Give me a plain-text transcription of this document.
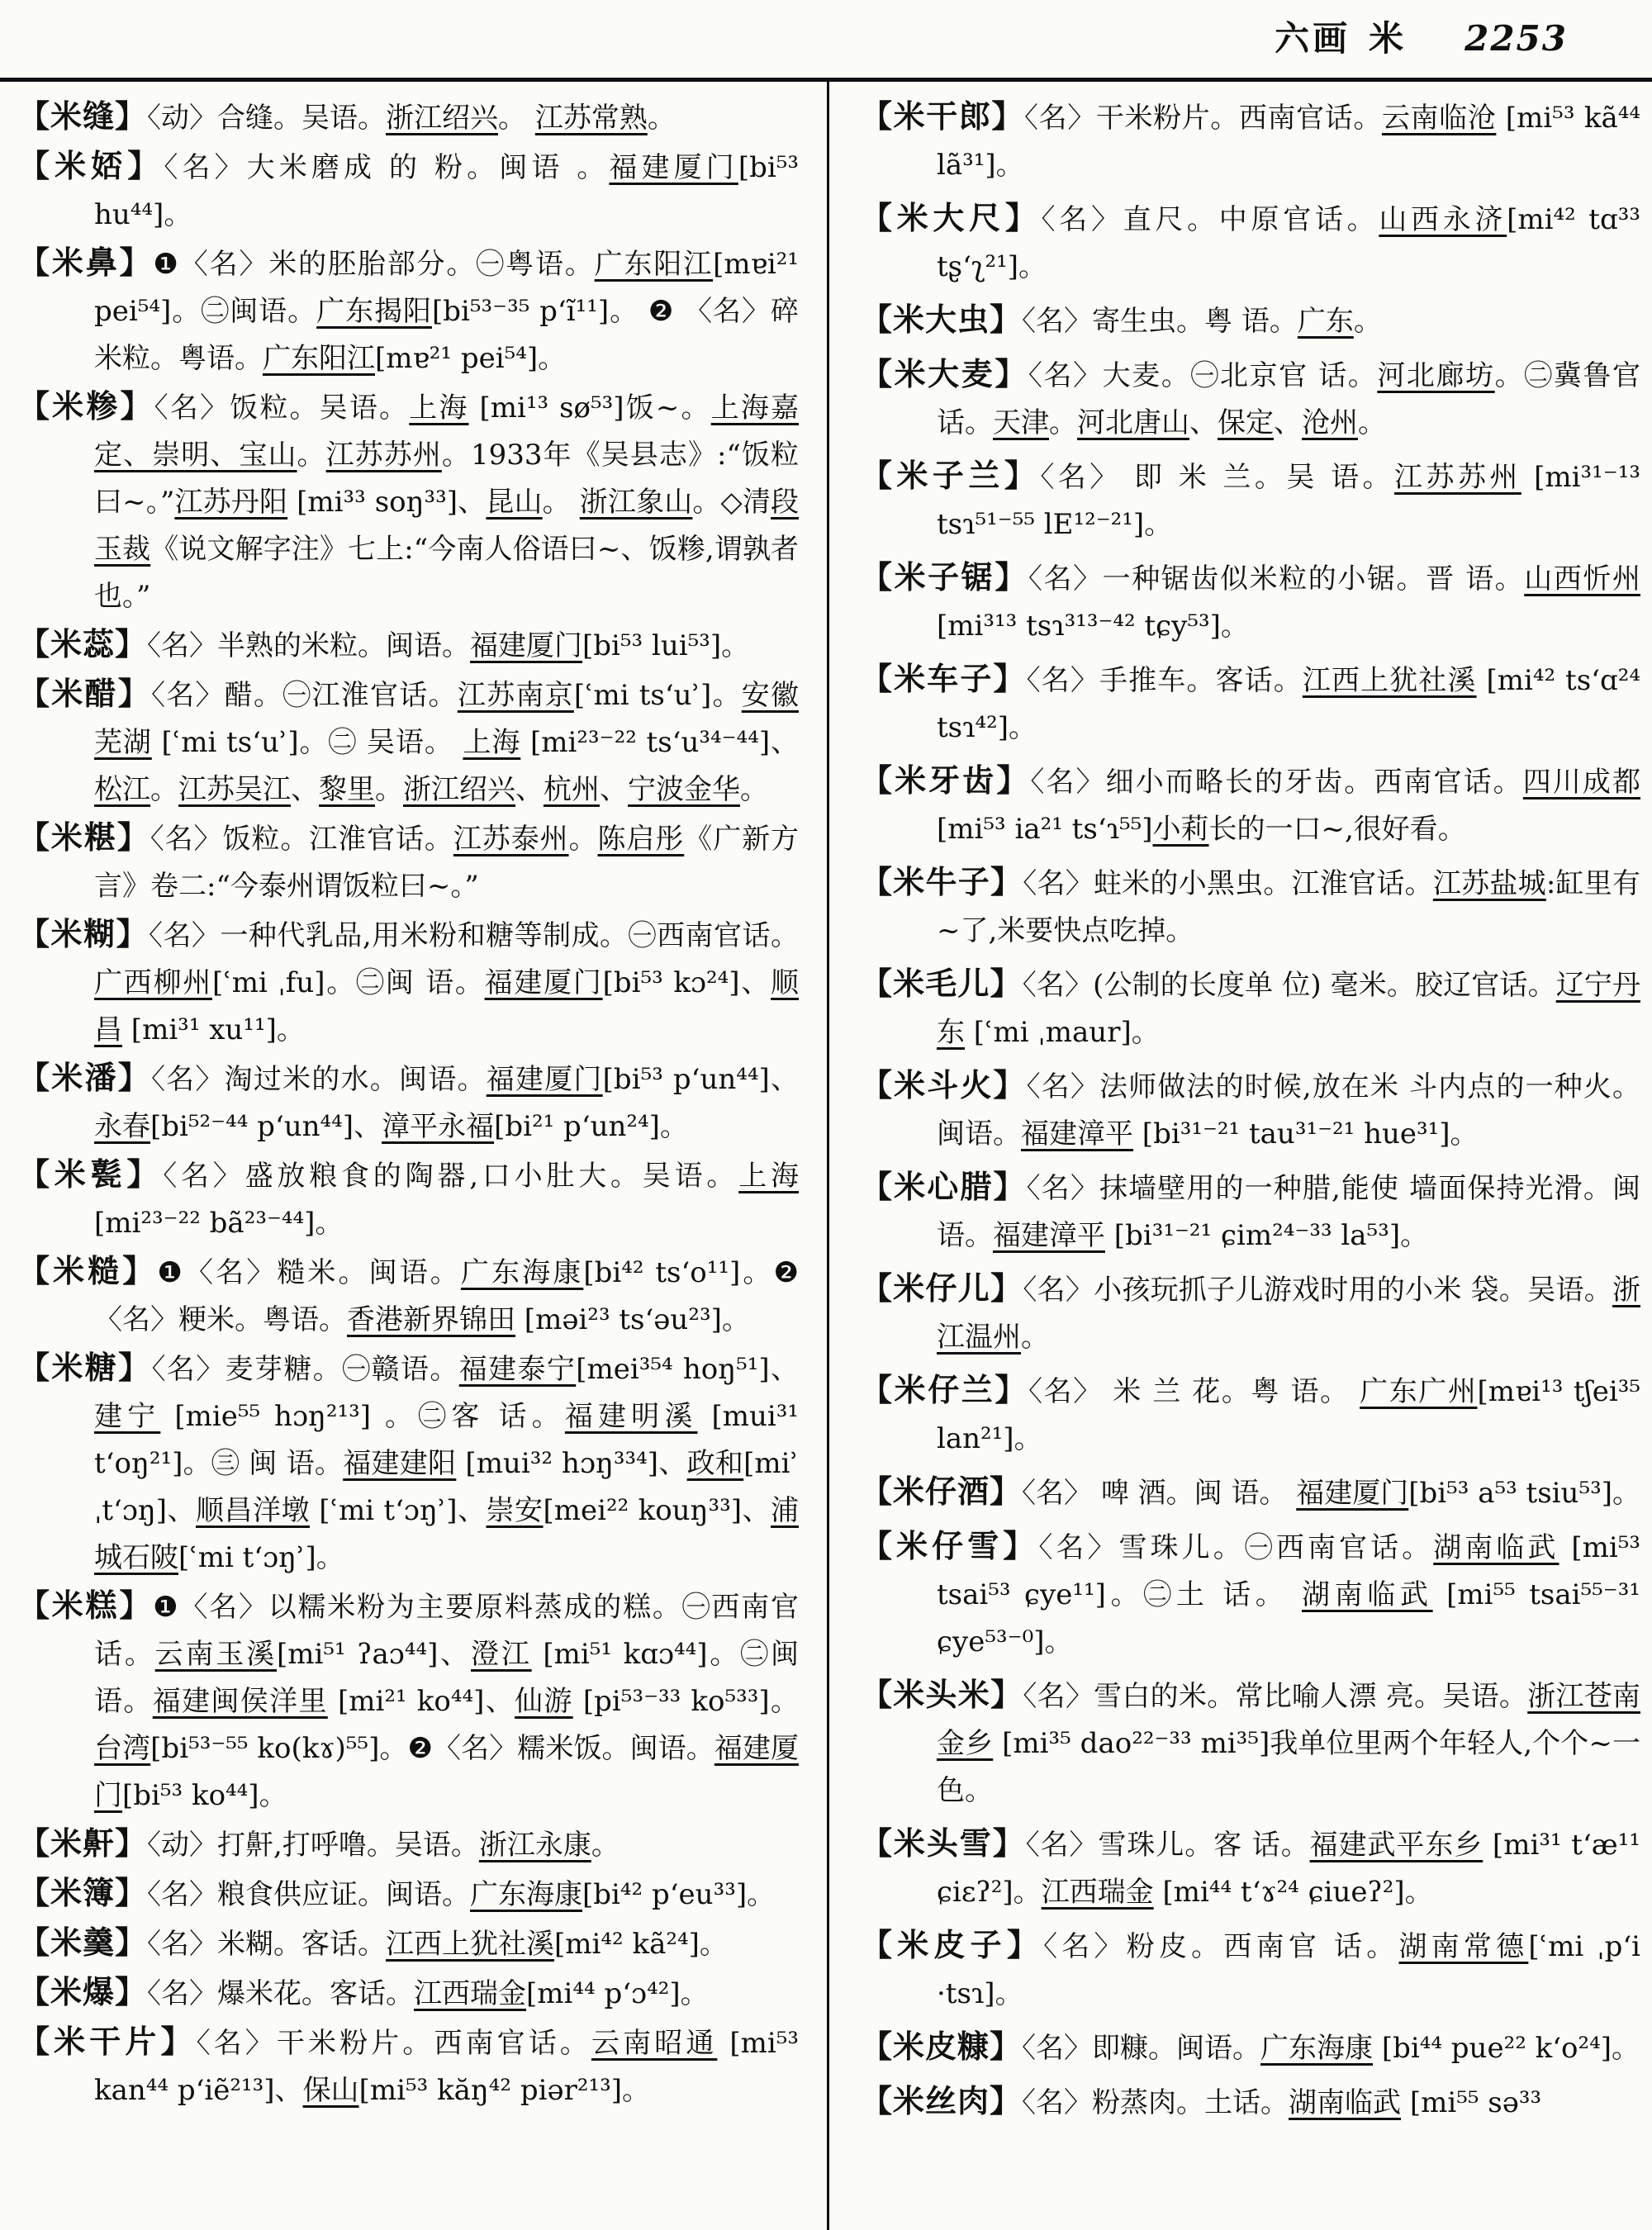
六画 米 2253
【米缝】〈动〉合缝。吴语。浙江绍兴。 江苏常熟。
【米娝】〈名〉大米磨成 的 粉。闽语 。福建厦门[bi⁵³ hu⁴⁴]。
【米鼻】❶〈名〉米的胚胎部分。㊀粤语。广东阳江[mɐi²¹ pei⁵⁴]。㊁闽语。广东揭阳[bi⁵³⁻³⁵ pʻĩ¹¹]。 ❷ 〈名〉碎米粒。粤语。广东阳江[mɐ²¹ pei⁵⁴]。
【米糁】〈名〉饭粒。吴语。上海 [mi¹³ sø⁵³]饭~。上海嘉定、崇明、宝山。江苏苏州。1933年《吴县志》:“饭粒曰~。”江苏丹阳 [mi³³ soŋ³³]、昆山。 浙江象山。◇清段玉裁《说文解字注》七上:“今南人俗语曰~、饭糁,谓孰者也。”
【米蕊】〈名〉半熟的米粒。闽语。福建厦门[bi⁵³ lui⁵³]。
【米醋】〈名〉醋。㊀江淮官话。江苏南京[ʿmi tsʻuʾ]。安徽芜湖 [ʿmi tsʻuʾ]。㊁ 吴语。 上海 [mi²³⁻²² tsʻu³⁴⁻⁴⁴]、松江。江苏吴江、黎里。浙江绍兴、杭州、宁波金华。
【米糂】〈名〉饭粒。江淮官话。江苏泰州。陈启彤《广新方言》卷二:“今泰州谓饭粒曰~。”
【米糊】〈名〉一种代乳品,用米粉和糖等制成。㊀西南官话。广西柳州[ʿmi ˌfu]。㊁闽 语。福建厦门[bi⁵³ kɔ²⁴]、顺昌 [mi³¹ xu¹¹]。
【米潘】〈名〉淘过米的水。闽语。福建厦门[bi⁵³ pʻun⁴⁴]、永春[bi⁵²⁻⁴⁴ pʻun⁴⁴]、漳平永福[bi²¹ pʻun²⁴]。
【米甏】〈名〉盛放粮食的陶器,口小肚大。吴语。上海[mi²³⁻²² bã²³⁻⁴⁴]。
【米糙】❶〈名〉糙米。闽语。广东海康[bi⁴² tsʻo¹¹]。❷〈名〉粳米。粤语。香港新界锦田 [məi²³ tsʻəu²³]。
【米糖】〈名〉麦芽糖。㊀赣语。福建泰宁[mei³⁵⁴ hoŋ⁵¹]、建宁 [mie⁵⁵ hɔŋ²¹³] 。㊁客 话。福建明溪 [mui³¹ tʻoŋ²¹]。㊂ 闽 语。福建建阳 [mui³² hɔŋ³³⁴]、政和[miʾ ˌtʻɔŋ]、顺昌洋墩 [ʿmi tʻɔŋʾ]、崇安[mei²² kouŋ³³]、浦城石陂[ʿmi tʻɔŋʾ]。
【米糕】❶〈名〉以糯米粉为主要原料蒸成的糕。㊀西南官话。云南玉溪[mi⁵¹ ʔaɔ⁴⁴]、澄江 [mi⁵¹ kɑɔ⁴⁴]。㊁闽语。福建闽侯洋里 [mi²¹ ko⁴⁴]、仙游 [pi⁵³⁻³³ ko⁵³³]。台湾[bi⁵³⁻⁵⁵ ko(kɤ)⁵⁵]。❷〈名〉糯米饭。闽语。福建厦门[bi⁵³ ko⁴⁴]。
【米鼾】〈动〉打鼾,打呼噜。吴语。浙江永康。
【米簿】〈名〉粮食供应证。闽语。广东海康[bi⁴² pʻeu³³]。
【米羹】〈名〉米糊。客话。江西上犹社溪[mi⁴² kã²⁴]。
【米爆】〈名〉爆米花。客话。江西瑞金[mi⁴⁴ pʻɔ⁴²]。
【米干片】〈名〉干米粉片。西南官话。云南昭通 [mi⁵³ kan⁴⁴ pʻiẽ²¹³]、保山[mi⁵³ kăŋ⁴² piər²¹³]。
【米干郎】〈名〉干米粉片。西南官话。云南临沧 [mi⁵³ kã⁴⁴ lã³¹]。
【米大尺】〈名〉直尺。中原官话。山西永济[mi⁴² tɑ³³ tʂʻʅ²¹]。
【米大虫】〈名〉寄生虫。粤 语。广东。
【米大麦】〈名〉大麦。㊀北京官 话。河北廊坊。㊁冀鲁官话。天津。河北唐山、保定、沧州。
【米子兰】〈名〉 即 米 兰。吴 语。江苏苏州 [mi³¹⁻¹³ tsɿ⁵¹⁻⁵⁵ lE¹²⁻²¹]。
【米子锯】〈名〉一种锯齿似米粒的小锯。晋 语。山西忻州 [mi³¹³ tsɿ³¹³⁻⁴² tɕy⁵³]。
【米车子】〈名〉手推车。客话。江西上犹社溪 [mi⁴² tsʻɑ²⁴ tsɿ⁴²]。
【米牙齿】〈名〉细小而略长的牙齿。西南官话。四川成都[mi⁵³ ia²¹ tsʻɿ⁵⁵]小莉长的一口~,很好看。
【米牛子】〈名〉蛀米的小黑虫。江淮官话。江苏盐城:缸里有~了,米要快点吃掉。
【米毛儿】〈名〉(公制的长度单 位) 毫米。胶辽官话。辽宁丹东 [ʿmi ˌmaur]。
【米斗火】〈名〉法师做法的时候,放在米 斗内点的一种火。闽语。福建漳平 [bi³¹⁻²¹ tau³¹⁻²¹ hue³¹]。
【米心腊】〈名〉抹墙壁用的一种腊,能使 墙面保持光滑。闽语。福建漳平 [bi³¹⁻²¹ ɕim²⁴⁻³³ la⁵³]。
【米仔儿】〈名〉小孩玩抓子儿游戏时用的小米 袋。吴语。浙江温州。
【米仔兰】〈名〉 米 兰 花。粤 语。 广东广州[mɐi¹³ tʃei³⁵ lan²¹]。
【米仔酒】〈名〉 啤 酒。闽 语。 福建厦门[bi⁵³ a⁵³ tsiu⁵³]。
【米仔雪】〈名〉雪珠儿。㊀西南官话。湖南临武 [mi⁵³ tsai⁵³ ɕye¹¹]。㊁土 话。 湖南临武 [mi⁵⁵ tsai⁵⁵⁻³¹ ɕye⁵³⁻⁰]。
【米头米】〈名〉雪白的米。常比喻人漂 亮。吴语。浙江苍南金乡 [mi³⁵ dao²²⁻³³ mi³⁵]我单位里两个年轻人,个个~一色。
【米头雪】〈名〉雪珠儿。客 话。福建武平东乡 [mi³¹ tʻæ¹¹ ɕiɛʔ²]。江西瑞金 [mi⁴⁴ tʻɤ²⁴ ɕiueʔ²]。
【米皮子】〈名〉粉皮。西南官 话。湖南常德[ʿmi ˌpʻi ·tsɿ]。
【米皮糠】〈名〉即糠。闽语。广东海康 [bi⁴⁴ pue²² kʻo²⁴]。
【米丝肉】〈名〉粉蒸肉。土话。湖南临武 [mi⁵⁵ sə³³
